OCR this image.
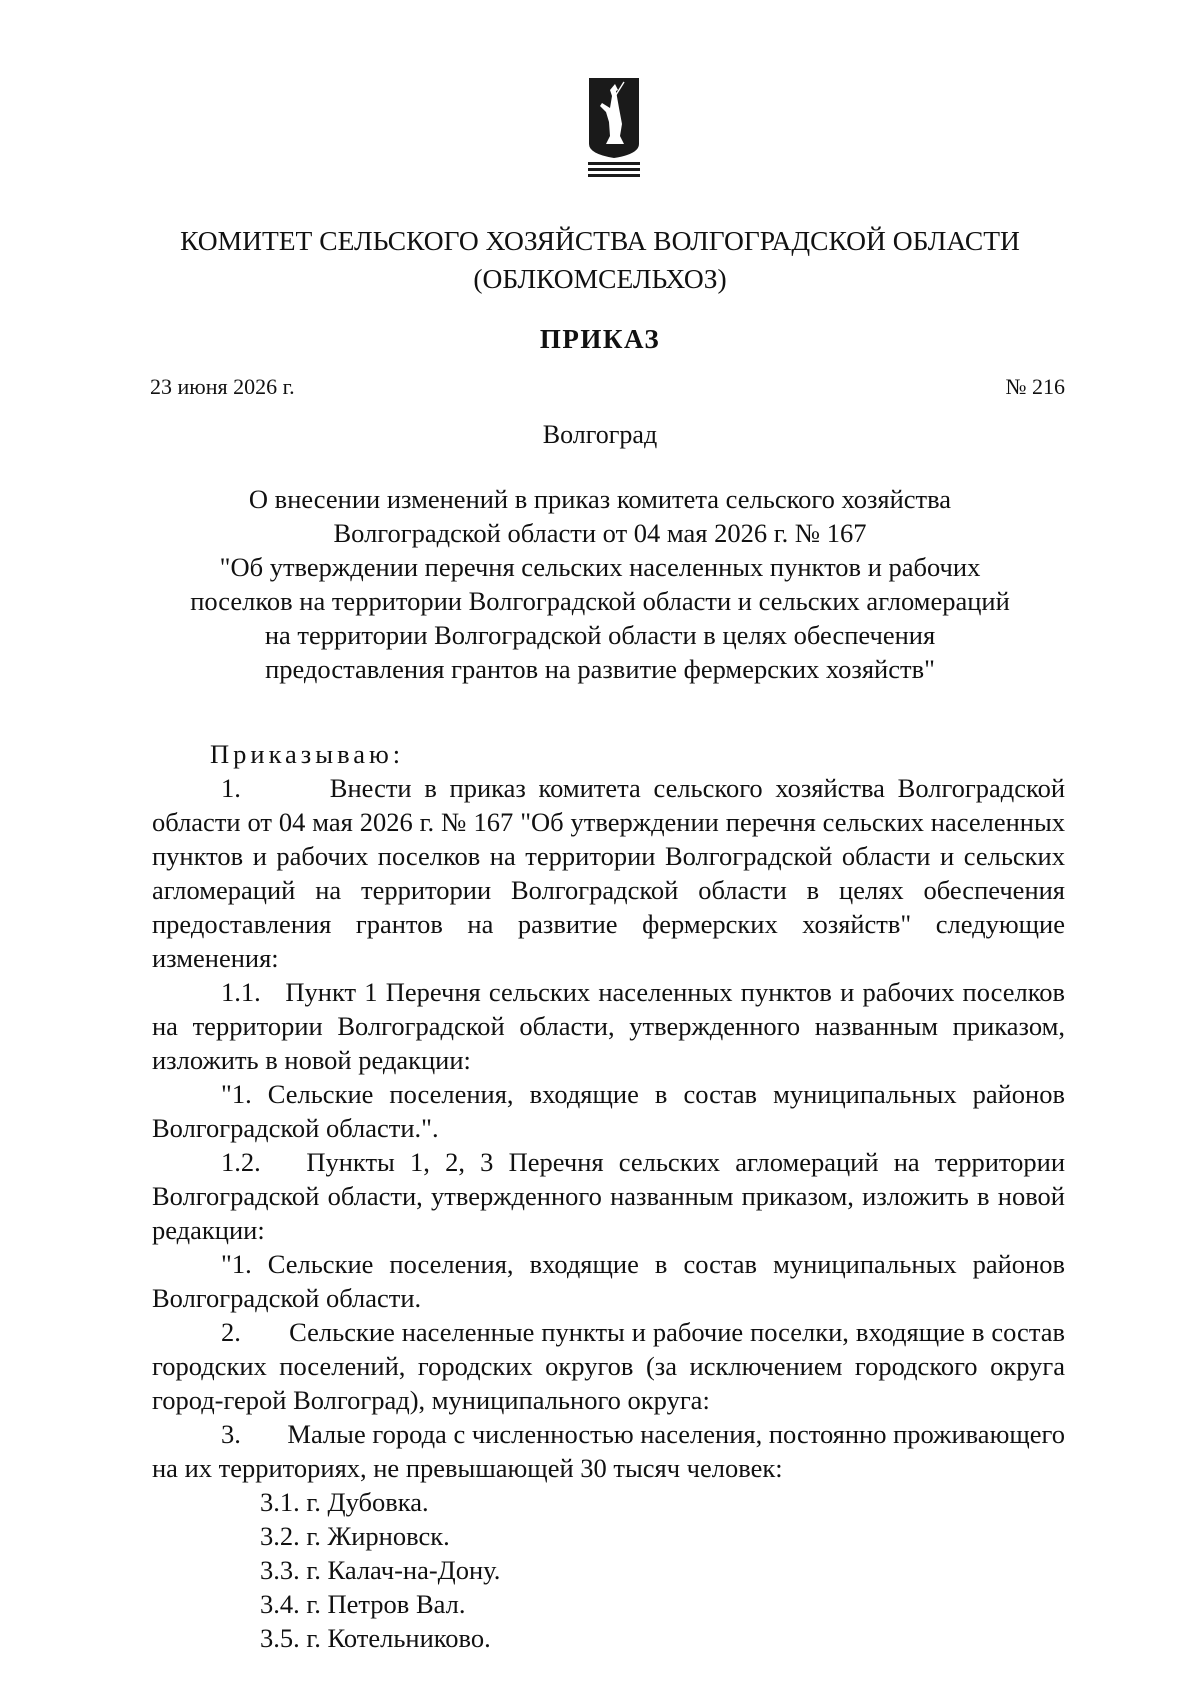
КОМИТЕТ СЕЛЬСКОГО ХОЗЯЙСТВА ВОЛГОГРАДСКОЙ ОБЛАСТИ
(ОБЛКОМСЕЛЬХОЗ)
ПРИКАЗ
23 июня 2026 г.	№ 216
Волгоград
О внесении изменений в приказ комитета сельского хозяйства
Волгоградской области от 04 мая 2026 г. № 167
"Об утверждении перечня сельских населенных пунктов и рабочих
поселков на территории Волгоградской области и сельских агломераций
на территории Волгоградской области в целях обеспечения
предоставления грантов на развитие фермерских хозяйств"

Приказываю:

1.       Внести в приказ комитета сельского хозяйства Волгоградской области от 04 мая 2026 г. № 167 "Об утверждении перечня сельских населенных пунктов и рабочих поселков на территории Волгоградской области и сельских агломераций на территории Волгоградской области в целях обеспечения предоставления грантов на развитие фермерских хозяйств" следующие изменения:

1.1.   Пункт 1 Перечня сельских населенных пунктов и рабочих поселков на территории Волгоградской области, утвержденного названным приказом, изложить в новой редакции:

"1. Сельские поселения, входящие в состав муниципальных районов Волгоградской области.".

1.2.   Пункты 1, 2, 3 Перечня сельских агломераций на территории Волгоградской области, утвержденного названным приказом, изложить в новой редакции:

"1. Сельские поселения, входящие в состав муниципальных районов Волгоградской области.

2.       Сельские населенные пункты и рабочие поселки, входящие в состав городских поселений, городских округов (за исключением городского округа город-герой Волгоград), муниципального округа:

3.       Малые города с численностью населения, постоянно проживающего на их территориях, не превышающей 30 тысяч человек:

3.1. г. Дубовка.
3.2. г. Жирновск.
3.3. г. Калач-на-Дону.
3.4. г. Петров Вал.
3.5. г. Котельниково.
